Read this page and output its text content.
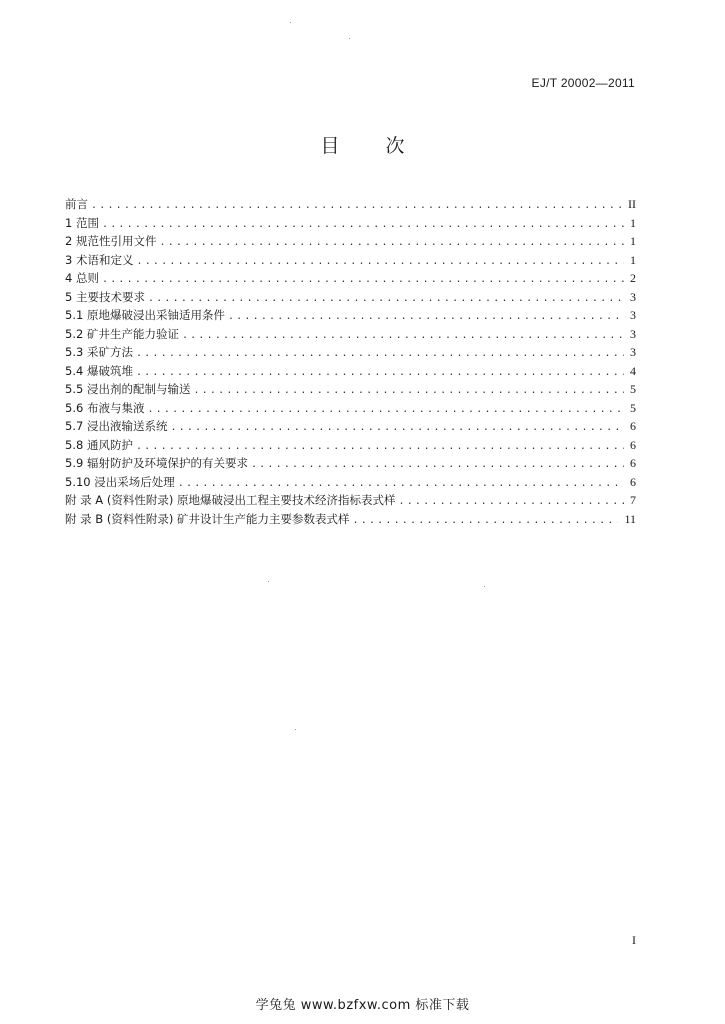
EJ/T 20002—2011
目 次
前言 .....	II
1 范围 .....	1
2 规范性引用文件 .....	1
3 术语和定义 .....	1
4 总则 .....	2
5 主要技术要求 .....	3
5.1 原地爆破浸出采铀适用条件 .....	3
5.2 矿井生产能力验证 .....	3
5.3 采矿方法 .....	3
5.4 爆破筑堆 .....	4
5.5 浸出剂的配制与输送 .....	5
5.6 布液与集液 .....	5
5.7 浸出液输送系统 .....	6
5.8 通风防护 .....	6
5.9 辐射防护及环境保护的有关要求 .....	6
5.10 浸出采场后处理 .....	6
附 录 A (资料性附录) 原地爆破浸出工程主要技术经济指标表式样 .....	7
附 录 B (资料性附录) 矿井设计生产能力主要参数表式样 .....	11
I
学兔兔 www.bzfxw.com 标准下载
